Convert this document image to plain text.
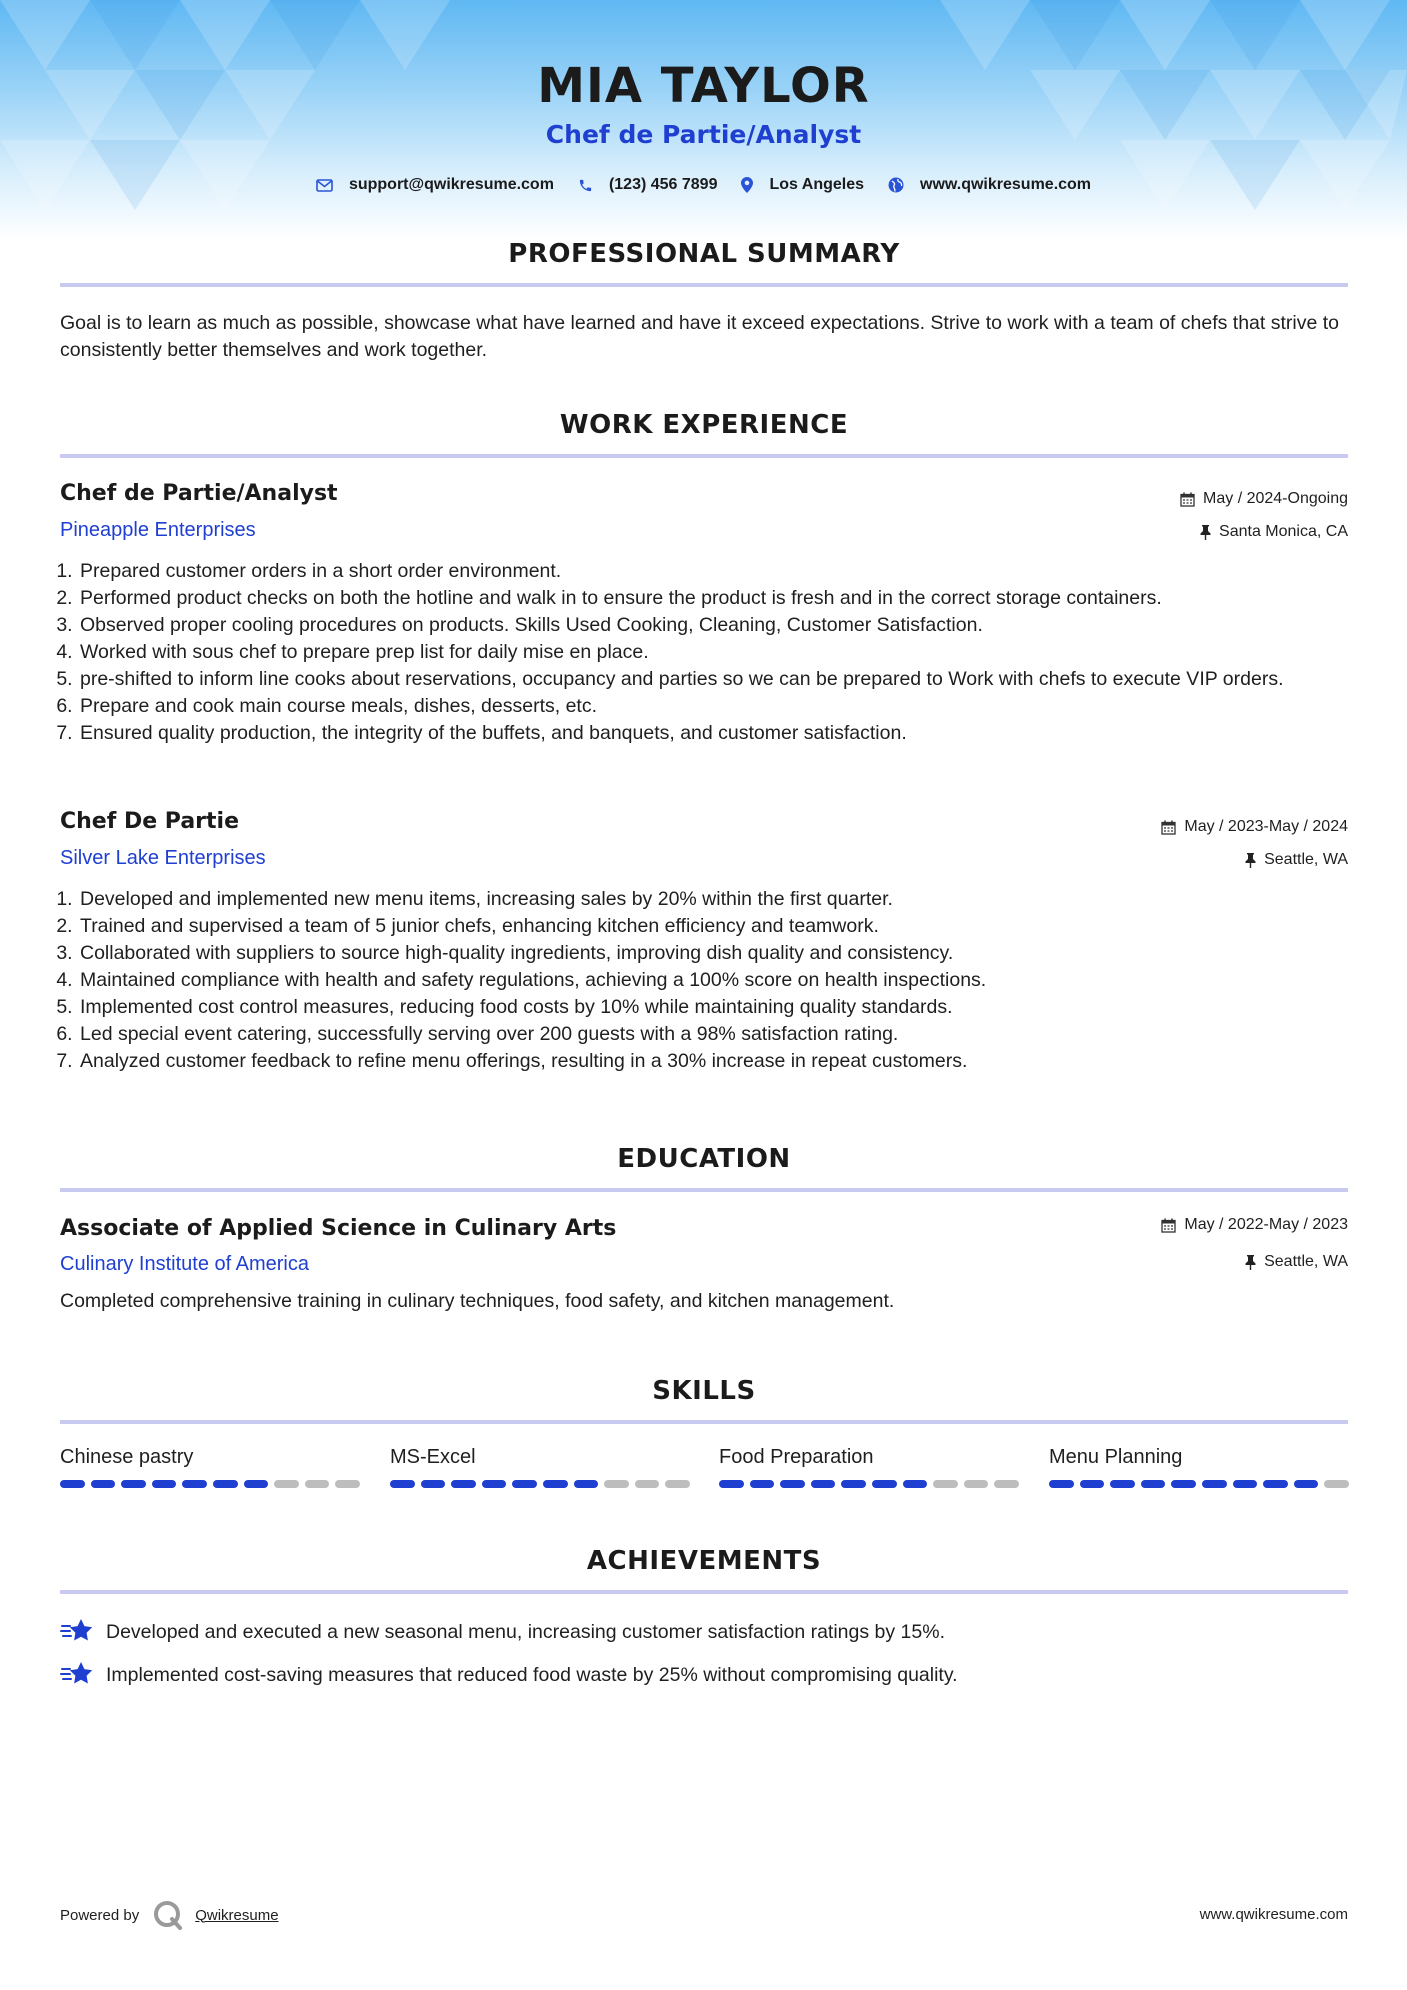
MIA TAYLOR
Chef de Partie/Analyst
support@qwikresume.com	(123) 456 7899	Los Angeles	www.qwikresume.com
PROFESSIONAL SUMMARY

Goal is to learn as much as possible, showcase what have learned and have it exceed expectations. Strive to work with a team of chefs that strive to consistently better themselves and work together.

WORK EXPERIENCE
Chef de Partie/Analyst	May / 2024-Ongoing

Pineapple Enterprises	Santa Monica, CA
1. Prepared customer orders in a short order environment.
2. Performed product checks on both the hotline and walk in to ensure the product is fresh and in the correct storage containers.
3. Observed proper cooling procedures on products. Skills Used Cooking, Cleaning, Customer Satisfaction.
4. Worked with sous chef to prepare prep list for daily mise en place.
5. pre-shifted to inform line cooks about reservations, occupancy and parties so we can be prepared to Work with chefs to execute VIP orders.
6. Prepare and cook main course meals, dishes, desserts, etc.
7. Ensured quality production, the integrity of the buffets, and banquets, and customer satisfaction.
Chef De Partie	May / 2023-May / 2024

Silver Lake Enterprises	Seattle, WA
1. Developed and implemented new menu items, increasing sales by 20% within the first quarter.
2. Trained and supervised a team of 5 junior chefs, enhancing kitchen efficiency and teamwork.
3. Collaborated with suppliers to source high-quality ingredients, improving dish quality and consistency.
4. Maintained compliance with health and safety regulations, achieving a 100% score on health inspections.
5. Implemented cost control measures, reducing food costs by 10% while maintaining quality standards.
6. Led special event catering, successfully serving over 200 guests with a 98% satisfaction rating.
7. Analyzed customer feedback to refine menu offerings, resulting in a 30% increase in repeat customers.
EDUCATION
Associate of Applied Science in Culinary Arts	May / 2022-May / 2023

Culinary Institute of America	Seattle, WA

Completed comprehensive training in culinary techniques, food safety, and kitchen management.

SKILLS
Chinese pastry	MS-Excel	Food Preparation	Menu Planning
ACHIEVEMENTS
Developed and executed a new seasonal menu, increasing customer satisfaction ratings by 15%.
Implemented cost-saving measures that reduced food waste by 25% without compromising quality.
Powered by	Qwikresume	www.qwikresume.com
